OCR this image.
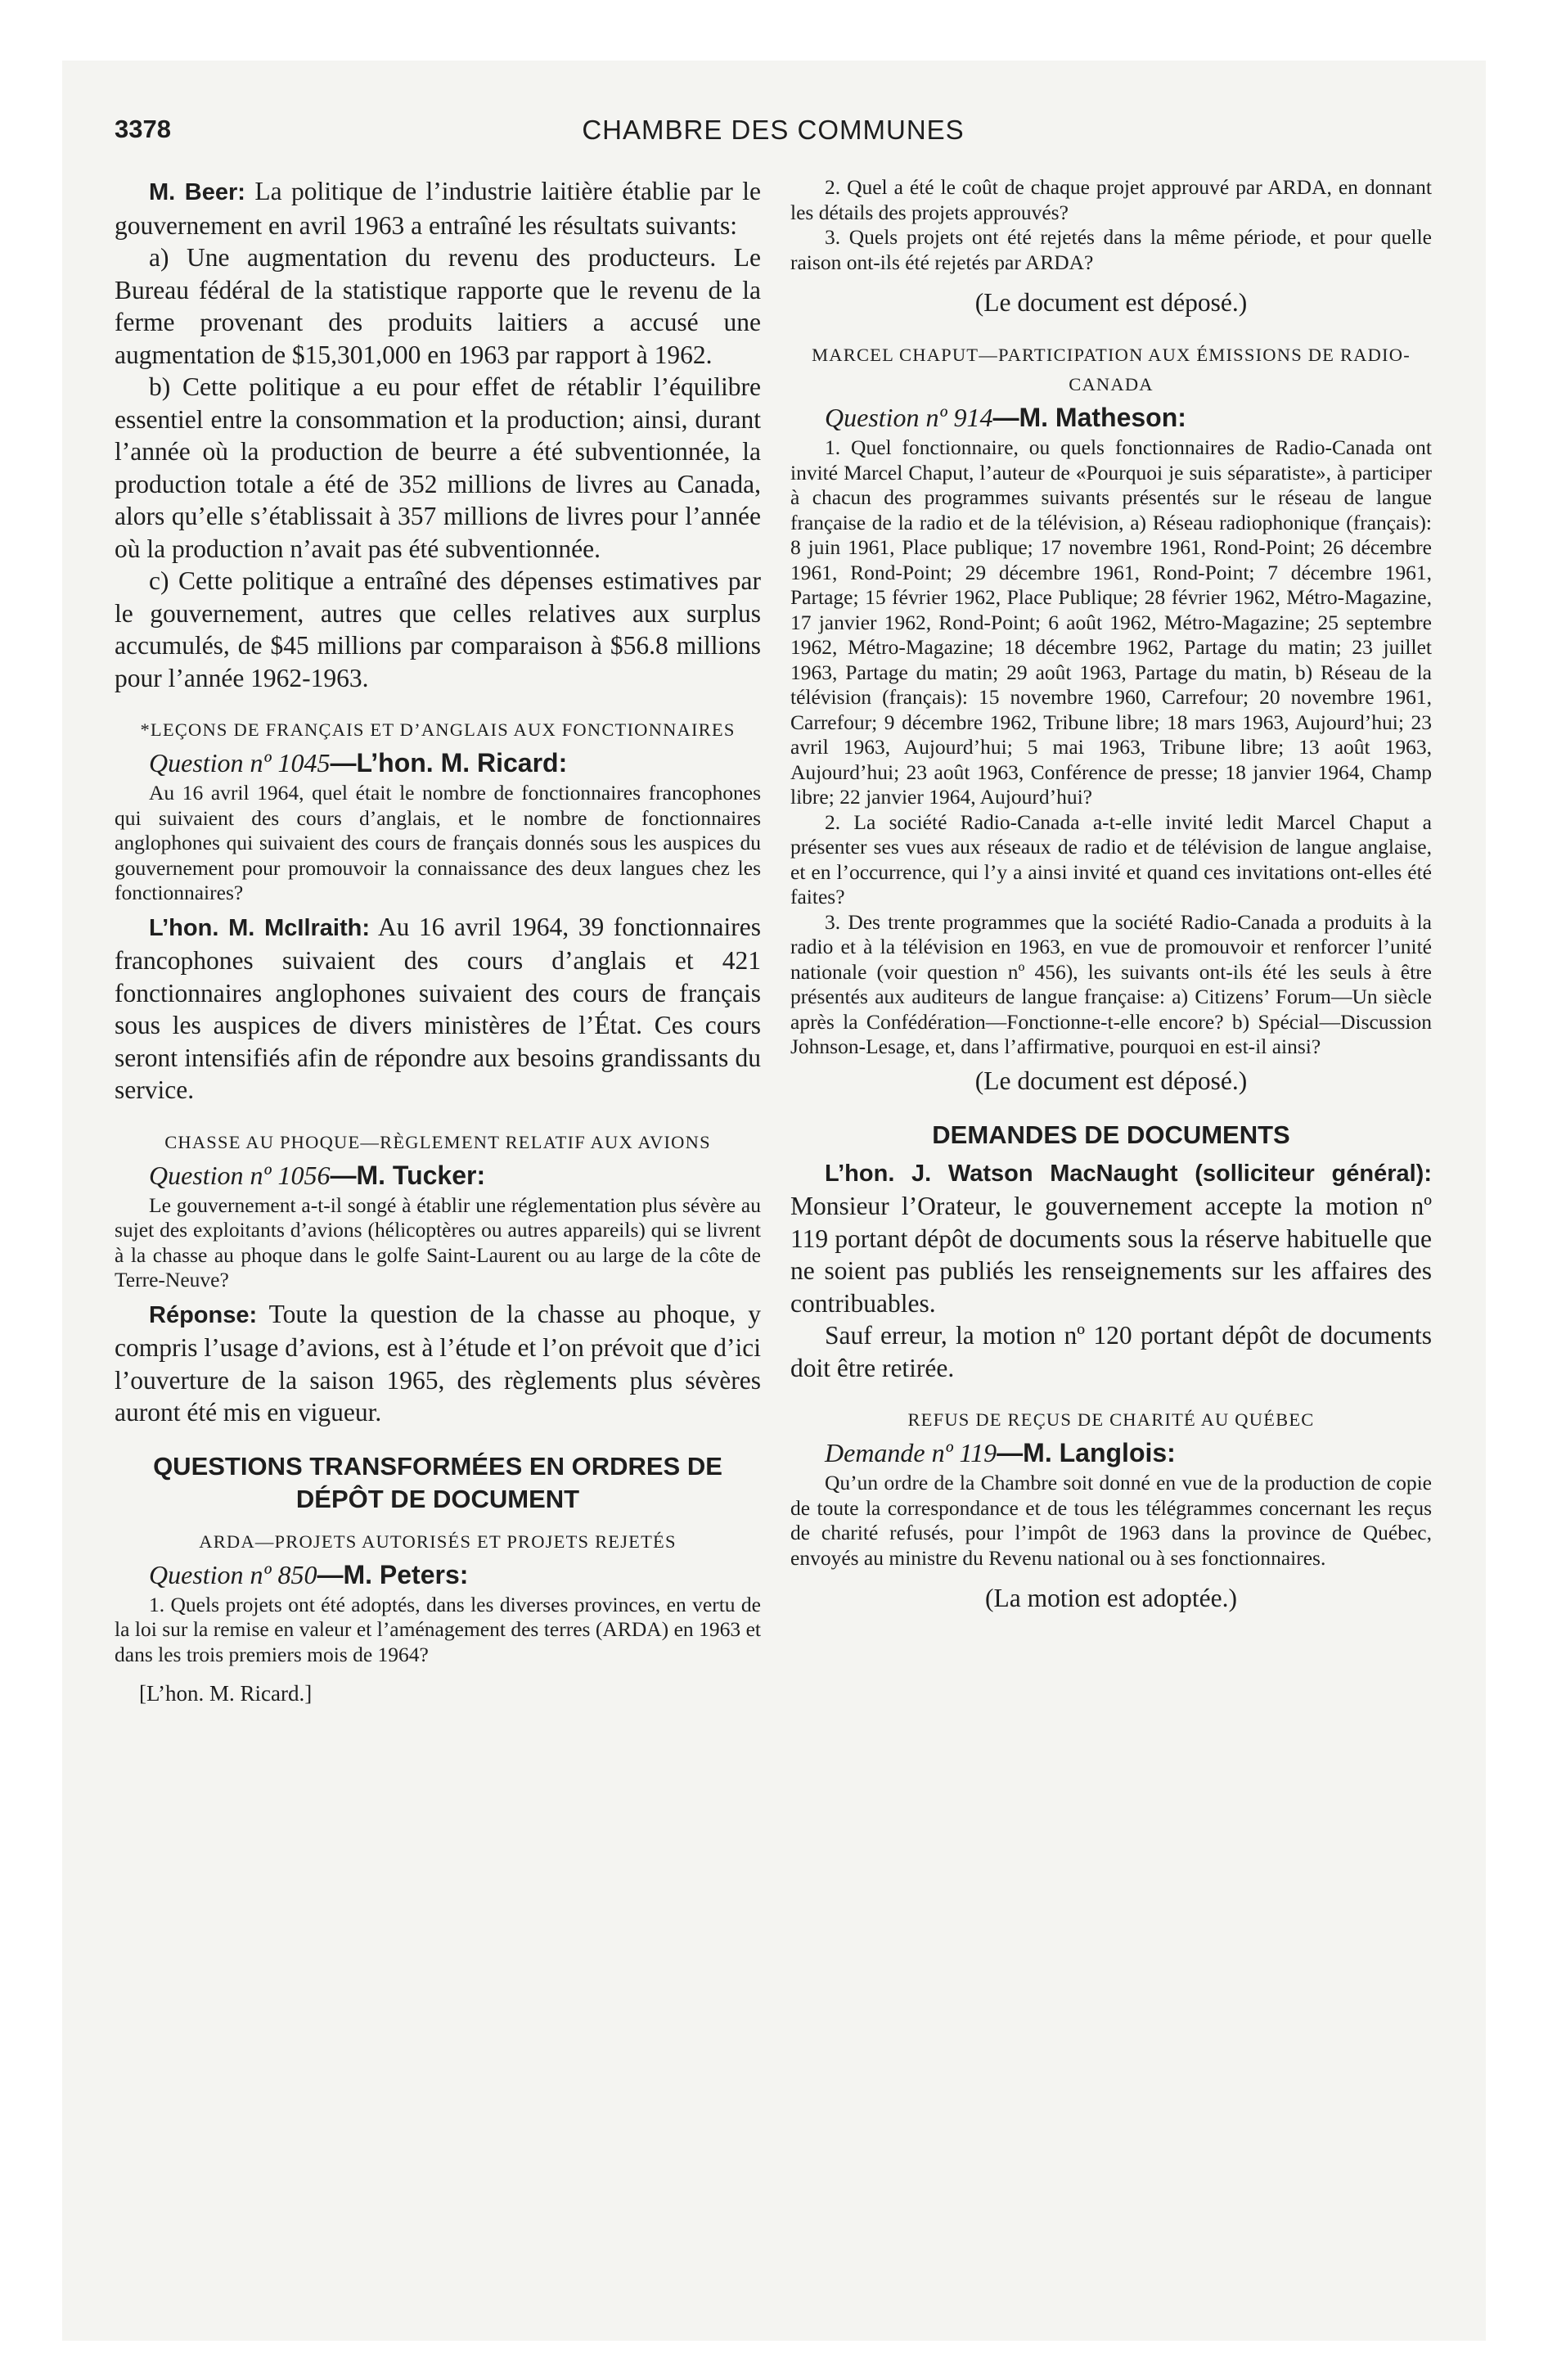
3378	CHAMBRE DES COMMUNES

M. Beer: La politique de l’industrie laitière établie par le gouvernement en avril 1963 a entraîné les résultats suivants:

a) Une augmentation du revenu des producteurs. Le Bureau fédéral de la statistique rapporte que le revenu de la ferme provenant des produits laitiers a accusé une augmentation de $15,301,000 en 1963 par rapport à 1962.

b) Cette politique a eu pour effet de rétablir l’équilibre essentiel entre la consommation et la production; ainsi, durant l’année où la production de beurre a été subventionnée, la production totale a été de 352 millions de livres au Canada, alors qu’elle s’établissait à 357 millions de livres pour l’année où la production n’avait pas été subventionnée.

c) Cette politique a entraîné des dépenses estimatives par le gouvernement, autres que celles relatives aux surplus accumulés, de $45 millions par comparaison à $56.8 millions pour l’année 1962-1963.

*LEÇONS DE FRANÇAIS ET D’ANGLAIS AUX FONCTIONNAIRES

Question nº 1045—L’hon. M. Ricard:

Au 16 avril 1964, quel était le nombre de fonctionnaires francophones qui suivaient des cours d’anglais, et le nombre de fonctionnaires anglophones qui suivaient des cours de français donnés sous les auspices du gouvernement pour promouvoir la connaissance des deux langues chez les fonctionnaires?

L’hon. M. McIlraith: Au 16 avril 1964, 39 fonctionnaires francophones suivaient des cours d’anglais et 421 fonctionnaires anglophones suivaient des cours de français sous les auspices de divers ministères de l’État. Ces cours seront intensifiés afin de répondre aux besoins grandissants du service.

CHASSE AU PHOQUE—RÈGLEMENT RELATIF AUX AVIONS

Question nº 1056—M. Tucker:

Le gouvernement a-t-il songé à établir une réglementation plus sévère au sujet des exploitants d’avions (hélicoptères ou autres appareils) qui se livrent à la chasse au phoque dans le golfe Saint-Laurent ou au large de la côte de Terre-Neuve?

Réponse: Toute la question de la chasse au phoque, y compris l’usage d’avions, est à l’étude et l’on prévoit que d’ici l’ouverture de la saison 1965, des règlements plus sévères auront été mis en vigueur.

QUESTIONS TRANSFORMÉES EN ORDRES DE DÉPÔT DE DOCUMENT

ARDA—PROJETS AUTORISÉS ET PROJETS REJETÉS

Question nº 850—M. Peters:

1. Quels projets ont été adoptés, dans les diverses provinces, en vertu de la loi sur la remise en valeur et l’aménagement des terres (ARDA) en 1963 et dans les trois premiers mois de 1964?

[L’hon. M. Ricard.]

2. Quel a été le coût de chaque projet approuvé par ARDA, en donnant les détails des projets approuvés?

3. Quels projets ont été rejetés dans la même période, et pour quelle raison ont-ils été rejetés par ARDA?

(Le document est déposé.)

MARCEL CHAPUT—PARTICIPATION AUX ÉMISSIONS DE RADIO-CANADA

Question nº 914—M. Matheson:

1. Quel fonctionnaire, ou quels fonctionnaires de Radio-Canada ont invité Marcel Chaput, l’auteur de «Pourquoi je suis séparatiste», à participer à chacun des programmes suivants présentés sur le réseau de langue française de la radio et de la télévision, a) Réseau radiophonique (français): 8 juin 1961, Place publique; 17 novembre 1961, Rond-Point; 26 décembre 1961, Rond-Point; 29 décembre 1961, Rond-Point; 7 décembre 1961, Partage; 15 février 1962, Place Publique; 28 février 1962, Métro-Magazine, 17 janvier 1962, Rond-Point; 6 août 1962, Métro-Magazine; 25 septembre 1962, Métro-Magazine; 18 décembre 1962, Partage du matin; 23 juillet 1963, Partage du matin; 29 août 1963, Partage du matin, b) Réseau de la télévision (français): 15 novembre 1960, Carrefour; 20 novembre 1961, Carrefour; 9 décembre 1962, Tribune libre; 18 mars 1963, Aujourd’hui; 23 avril 1963, Aujourd’hui; 5 mai 1963, Tribune libre; 13 août 1963, Aujourd’hui; 23 août 1963, Conférence de presse; 18 janvier 1964, Champ libre; 22 janvier 1964, Aujourd’hui?

2. La société Radio-Canada a-t-elle invité ledit Marcel Chaput a présenter ses vues aux réseaux de radio et de télévision de langue anglaise, et en l’occurrence, qui l’y a ainsi invité et quand ces invitations ont-elles été faites?

3. Des trente programmes que la société Radio-Canada a produits à la radio et à la télévision en 1963, en vue de promouvoir et renforcer l’unité nationale (voir question nº 456), les suivants ont-ils été les seuls à être présentés aux auditeurs de langue française: a) Citizens’ Forum—Un siècle après la Confédération—Fonctionne-t-elle encore? b) Spécial—Discussion Johnson-Lesage, et, dans l’affirmative, pourquoi en est-il ainsi?

(Le document est déposé.)

DEMANDES DE DOCUMENTS

L’hon. J. Watson MacNaught (solliciteur général): Monsieur l’Orateur, le gouvernement accepte la motion nº 119 portant dépôt de documents sous la réserve habituelle que ne soient pas publiés les renseignements sur les affaires des contribuables.

Sauf erreur, la motion nº 120 portant dépôt de documents doit être retirée.

REFUS DE REÇUS DE CHARITÉ AU QUÉBEC

Demande nº 119—M. Langlois:

Qu’un ordre de la Chambre soit donné en vue de la production de copie de toute la correspondance et de tous les télégrammes concernant les reçus de charité refusés, pour l’impôt de 1963 dans la province de Québec, envoyés au ministre du Revenu national ou à ses fonctionnaires.

(La motion est adoptée.)
